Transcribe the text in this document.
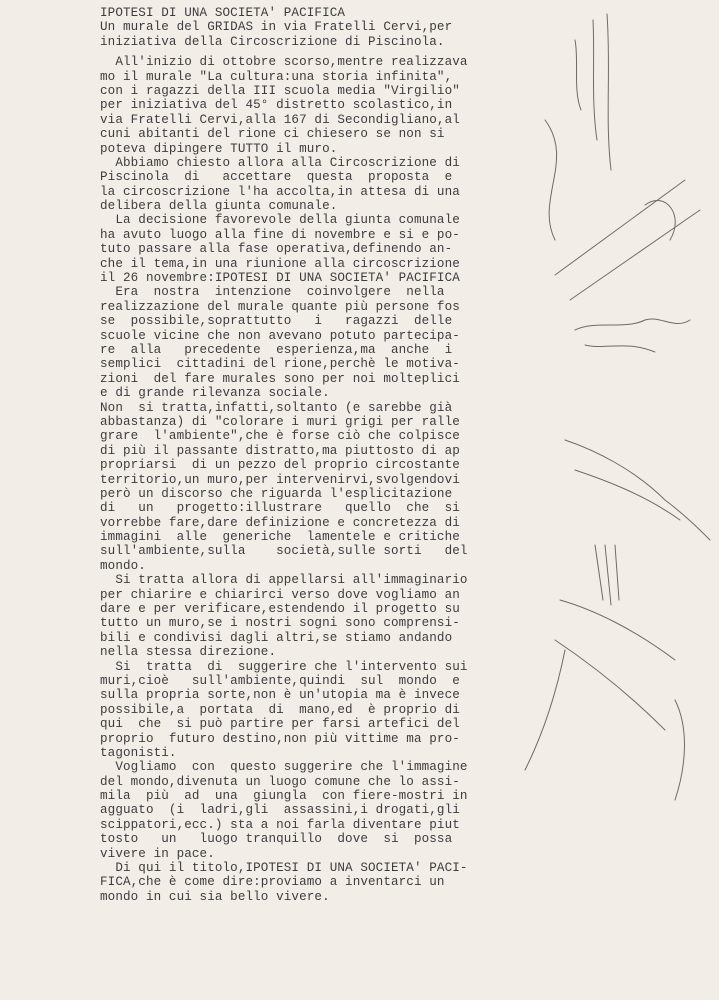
IPOTESI DI UNA SOCIETA' PACIFICA
Un murale del GRIDAS in via Fratelli Cervi,per
iniziativa della Circoscrizione di Piscinola.
All'inizio di ottobre scorso,mentre realizzava
mo il murale "La cultura:una storia infinita",
con i ragazzi della III scuola media "Virgilio"
per iniziativa del 45° distretto scolastico,in
via Fratelli Cervi,alla 167 di Secondigliano,al
cuni abitanti del rione ci chiesero se non si
poteva dipingere TUTTO il muro.
Abbiamo chiesto allora alla Circoscrizione di
Piscinola  di   accettare  questa  proposta  e
la circoscrizione l'ha accolta,in attesa di una
delibera della giunta comunale.
La decisione favorevole della giunta comunale
ha avuto luogo alla fine di novembre e si e po-
tuto passare alla fase operativa,definendo an-
che il tema,in una riunione alla circoscrizione
il 26 novembre:IPOTESI DI UNA SOCIETA' PACIFICA
Era  nostra  intenzione  coinvolgere  nella
realizzazione del murale quante più persone fos
se  possibile,soprattutto   i   ragazzi  delle
scuole vicine che non avevano potuto partecipa-
re  alla   precedente  esperienza,ma  anche  i
semplici  cittadini del rione,perchè le motiva-
zioni  del fare murales sono per noi molteplici
e di grande rilevanza sociale.
Non  si tratta,infatti,soltanto (e sarebbe già
abbastanza) di "colorare i muri grigi per ralle
grare  l'ambiente",che è forse ciò che colpisce
di più il passante distratto,ma piuttosto di ap
propriarsi  di un pezzo del proprio circostante
territorio,un muro,per intervenirvi,svolgendovi
però un discorso che riguarda l'esplicitazione
di   un   progetto:illustrare   quello  che  si
vorrebbe fare,dare definizione e concretezza di
immagini  alle  generiche  lamentele e critiche
sull'ambiente,sulla    società,sulle sorti   del
mondo.
Si tratta allora di appellarsi all'immaginario
per chiarire e chiarirci verso dove vogliamo an
dare e per verificare,estendendo il progetto su
tutto un muro,se i nostri sogni sono comprensi-
bili e condivisi dagli altri,se stiamo andando
nella stessa direzione.
Si  tratta  di  suggerire che l'intervento sui
muri,cioè   sull'ambiente,quindi  sul  mondo  e
sulla propria sorte,non è un'utopia ma è invece
possibile,a  portata  di  mano,ed  è proprio di
qui  che  si può partire per farsi artefici del
proprio  futuro destino,non più vittime ma pro-
tagonisti.
Vogliamo  con  questo suggerire che l'immagine
del mondo,divenuta un luogo comune che lo assi-
mila  più  ad  una  giungla  con fiere-mostri in
agguato  (i  ladri,gli  assassini,i drogati,gli
scippatori,ecc.) sta a noi farla diventare piut
tosto   un   luogo tranquillo  dove  si  possa
vivere in pace.
Di qui il titolo,IPOTESI DI UNA SOCIETA' PACI-
FICA,che è come dire:proviamo a inventarci un
mondo in cui sia bello vivere.
